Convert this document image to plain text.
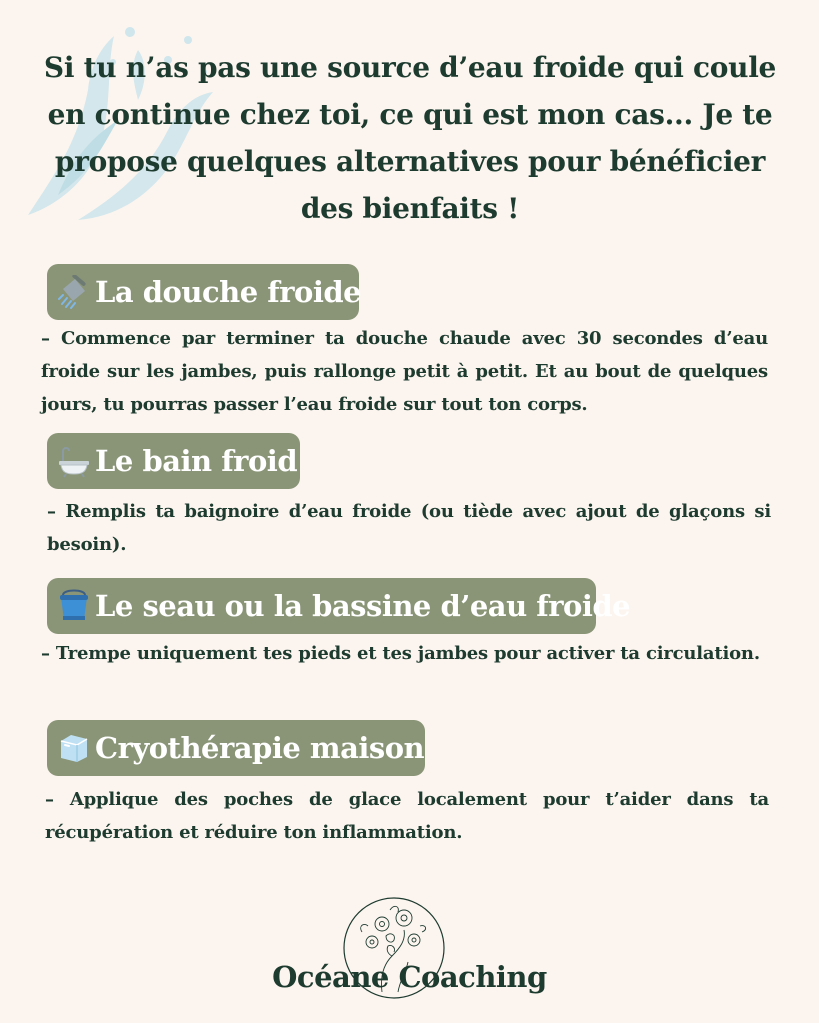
Si tu n’as pas une source d’eau froide qui coule en continue chez toi, ce qui est mon cas... Je te propose quelques alternatives pour bénéficier des bienfaits !
La douche froide
– Commence par terminer ta douche chaude avec 30 secondes d’eau froide sur les jambes, puis rallonge petit à petit. Et au bout de quelques jours, tu pourras passer l’eau froide sur tout ton corps.
Le bain froid
– Remplis ta baignoire d’eau froide (ou tiède avec ajout de glaçons si besoin).
Le seau ou la bassine d’eau froide
– Trempe uniquement tes pieds et tes jambes pour activer ta circulation.
Cryothérapie maison
– Applique des poches de glace localement pour t’aider dans ta récupération et réduire ton inflammation.
Océane Coaching
